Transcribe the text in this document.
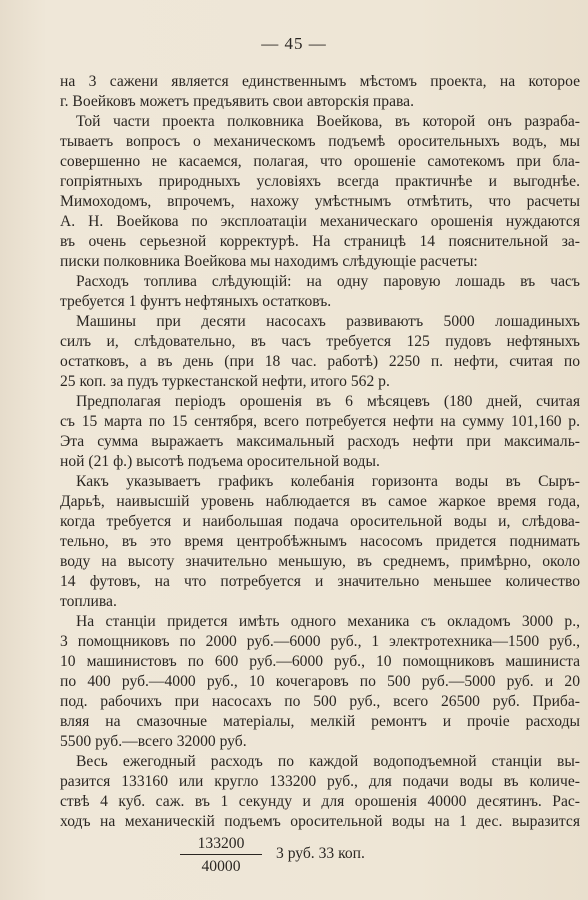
— 45 —
на 3 сажени является единственнымъ мѣстомъ проекта, на которое
г. Воейковъ можетъ предъявить свои авторскія права.
Той части проекта полковника Воейкова, въ которой онъ разраба-
тываетъ вопросъ о механическомъ подъемѣ оросительныхъ водъ, мы
совершенно не касаемся, полагая, что орошеніе самотекомъ при бла-
гопріятныхъ природныхъ условіяхъ всегда практичнѣе и выгоднѣе.
Мимоходомъ, впрочемъ, нахожу умѣстнымъ отмѣтить, что расчеты
А. Н. Воейкова по эксплоатаціи механическаго орошенія нуждаются
въ очень серьезной корректурѣ. На страницѣ 14 пояснительной за-
писки полковника Воейкова мы находимъ слѣдующіе расчеты:
Расходъ топлива слѣдующій: на одну паровую лошадь въ часъ
требуется 1 фунтъ нефтяныхъ остатковъ.
Машины при десяти насосахъ развиваютъ 5000 лошадиныхъ
силъ и, слѣдовательно, въ часъ требуется 125 пудовъ нефтяныхъ
остатковъ, а въ день (при 18 час. работѣ) 2250 п. нефти, считая по
25 коп. за пудъ туркестанской нефти, итого 562 р.
Предполагая періодъ орошенія въ 6 мѣсяцевъ (180 дней, считая
съ 15 марта по 15 сентября, всего потребуется нефти на сумму 101,160 р.
Эта сумма выражаетъ максимальный расходъ нефти при максималь-
ной (21 ф.) высотѣ подъема оросительной воды.
Какъ указываетъ графикъ колебанія горизонта воды въ Сыръ-
Дарьѣ, наивысшій уровень наблюдается въ самое жаркое время года,
когда требуется и наибольшая подача оросительной воды и, слѣдова-
тельно, въ это время центробѣжнымъ насосомъ придется поднимать
воду на высоту значительно меньшую, въ среднемъ, примѣрно, около
14 футовъ, на что потребуется и значительно меньшее количество
топлива.
На станціи придется имѣть одного механика съ окладомъ 3000 р.,
3 помощниковъ по 2000 руб.—6000 руб., 1 электротехника—1500 руб.,
10 машинистовъ по 600 руб.—6000 руб., 10 помощниковъ машиниста
по 400 руб.—4000 руб., 10 кочегаровъ по 500 руб.—5000 руб. и 20
под. рабочихъ при насосахъ по 500 руб., всего 26500 руб. Приба-
вляя на смазочные матеріалы, мелкій ремонтъ и прочіе расходы
5500 руб.—всего 32000 руб.
Весь ежегодный расходъ по каждой водоподъемной станціи вы-
разится 133160 или кругло 133200 руб., для подачи воды въ количе-
ствѣ 4 куб. саж. въ 1 секунду и для орошенія 40000 десятинъ. Рас-
ходъ на механическій подъемъ оросительной воды на 1 дес. выразится
133200
40000
3 руб. 33 коп.
